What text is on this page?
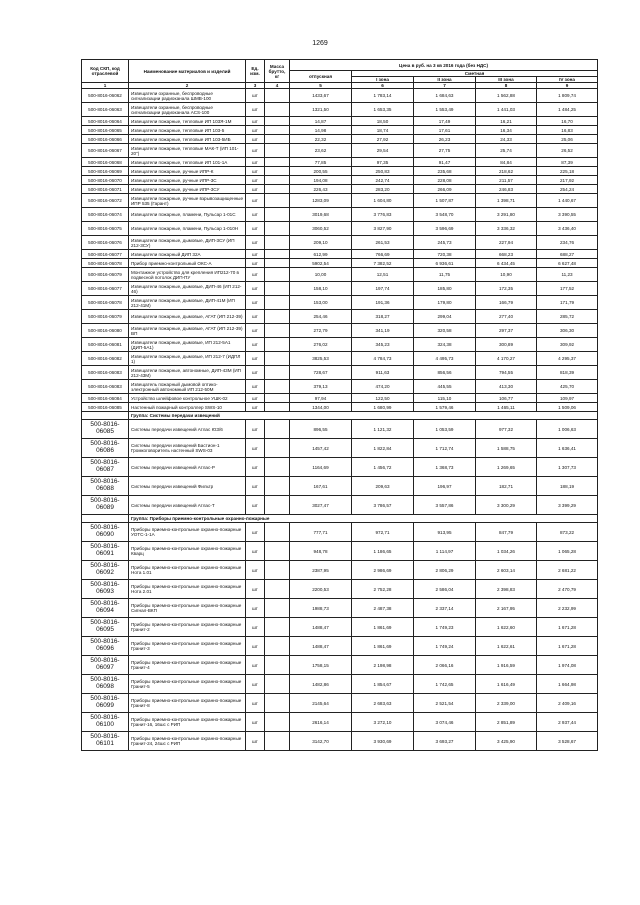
1269
Код СКП, код отраслевой	Наименование материалов и изделий	Ед. изм.	Масса брутто, кг	Цена в руб. на 3 кв 2016 года (без НДС)				
				отпускная	Сметная			
					I зона	II зона	III зона	IV зона
1	2	3	4	5	6	7	8	9
500-8016-06062	Извещатели охранные, беспроводные сигнализации радиоканала ШМВ-100	шт		1433,67	1 783,14	1 684,63	1 562,88	1 809,74
500-8016-06063	Извещатели охранные, беспроводные сигнализации радиоканала АСS-100	шт		1321,50	1 653,35	1 553,49	1 441,03	1 484,25
500-8016-06064	Извещатели пожарные, тепловые ИП 103Я-1М	шт		14,87	18,50	17,49	16,21	16,70
500-8016-06065	Извещатели пожарные, тепловые ИП 103-5	шт		14,98	18,74	17,61	16,34	16,83
500-8016-06066	Извещатели пожарные, тепловые ИП 103-5ИБ	шт		22,32	27,92	26,23	24,33	25,06
500-8016-06067	Извещатели пожарные, тепловые МАК-Т (ИП 101-20")	шт		23,62	29,54	27,75	25,74	26,52
500-8016-06068	Извещатели пожарные, тепловые ИП 101-1А	шт		77,85	97,35	91,47	84,84	87,39
500-8016-06069	Извещатели пожарные, ручные ИПР-К	шт		200,55	250,83	235,68	218,62	225,18
500-8016-06070	Извещатели пожарные, ручные ИПР-3С	шт		194,08	242,74	228,08	211,57	217,92
500-8016-06071	Извещатели пожарные, ручные ИПР-3СУ	шт		226,43	283,20	266,09	246,83	254,24
500-8016-06072	Извещатели пожарные, ручные взрывозащищенные ИПР 535 (Гарант)	шт		1283,09	1 604,80	1 507,87	1 398,71	1 440,67
500-8016-06074	Извещатели пожарные, пламени, Пульсар 1-01С	шт		3019,68	3 776,83	3 548,70	3 291,80	3 390,55
500-8016-06075	Извещатели пожарные, пламени, Пульсар 1-010Н	шт		3060,52	3 827,90	3 596,69	3 336,32	3 436,40
500-8016-06076	Извещатели пожарные, дымовые, ДИП-3СУ (ИП 212-3СУ)	шт		209,10	261,53	245,73	227,94	234,76
500-8016-06077	Извещатели пожарный ДИП 32А	шт		612,99	766,69	720,38	668,23	688,27
500-8016-06078	Прибор приемно-контрольный ОКС-А	шт		5902,54	7 382,52	6 936,61	6 434,45	6 627,48
500-8016-06079	Монтажное устройство для крепления ИП212-70 в подвесной потолок ДИП-ПУ	шт		10,00	12,51	11,75	10,90	11,23
500-8016-06077	Извещатели пожарные, дымовые, ДИП-46 (ИП 212-46)	шт		158,10	197,74	185,80	172,35	177,52
500-8016-06078	Извещатели пожарные, дымовые, ДИП-41М (ИП 212-41М)	шт		153,00	191,36	179,80	166,79	171,79
500-8016-06079	Извещатели пожарные, дымовые, АГАТ (ИП 212-39)	шт		254,46	318,27	299,04	277,40	285,72
500-8016-06080	Извещатели пожарные, дымовые, АГАТ (ИП 212-39) ВП	шт		272,79	341,19	320,58	297,37	306,30
500-8016-06081	Извещатели пожарные, дымовые, ИП 212-5А1 (ДИП-5А1)	шт		276,02	345,23	324,38	300,89	309,92
500-8016-06082	Извещатели пожарные, дымовые, ИП 212-7 (ИДПЛ 1)	шт		3825,53	4 784,73	4 495,73	4 170,27	4 295,37
500-8016-06083	Извещатели пожарные, автономные, ДИП-43М (ИП 212-43М)	шт		728,67	911,63	856,56	794,55	818,39
500-8016-06083	Извещатель пожарный дымовой оптико-электронный автономный ИП 212-50М	шт		379,13	474,20	445,55	413,30	425,70
500-8016-06084	Устройство шлейфовое контрольное УШК-02	шт		97,94	122,50	115,10	106,77	109,97
500-8016-06085	Настенный пожарный контроллер SWS-10	шт		1344,00	1 680,99	1 579,46	1 465,11	1 509,06
	Группа: Системы передачи извещений							
500-8016-06085	Системы передачи извещений Атлас ЮЗ/6	шт		896,55	1 121,32	1 053,59	977,32	1 006,63
500-8016-06086	Системы передачи извещений Бастион-1 Громкоговоритель настенный SWS-03	шт		1457,42	1 822,84	1 712,74	1 588,75	1 636,41
500-8016-06087	Системы передачи извещений Атлас-Р	шт		1164,69	1 456,72	1 368,73	1 269,65	1 307,73
500-8016-06088	Системы передачи извещений Фильтр	шт		167,61	209,63	196,97	182,71	188,19
500-8016-06089	Системы передачи извещений Атлас-Т	шт		3027,47	3 786,57	3 557,86	3 300,29	3 399,29
	Группа: Приборы приемно-контрольные охранно-пожарные							
500-8016-06090	Приборы приемно-контрольные охранно-пожарные УОТС-1-1А	шт		777,71	972,71	913,95	847,79	873,22
500-8016-06091	Приборы приемно-контрольные охранно-пожарные Кварц	шт		948,78	1 186,65	1 114,97	1 034,26	1 065,28
500-8016-06092	Приборы приемно-контрольные охранно-пожарные Нота 1.01	шт		2387,95	2 986,69	2 806,29	2 603,14	2 681,22
500-8016-06093	Приборы приемно-контрольные охранно-пожарные Нота 2.01	шт		2200,53	2 752,28	2 586,04	2 398,83	2 470,79
500-8016-06094	Приборы приемно-контрольные охранно-пожарные Сигнал-ВКП	шт		1988,73	2 487,38	2 337,14	2 167,95	2 232,99
500-8016-06095	Приборы приемно-контрольные охранно-пожарные Гранит-2	шт		1488,47	1 861,69	1 749,23	1 622,60	1 671,28
500-8016-06096	Приборы приемно-контрольные охранно-пожарные Гранит-3	шт		1488,47	1 861,69	1 749,24	1 622,61	1 671,28
500-8016-06097	Приборы приемно-контрольные охранно-пожарные Гранит-4	шт		1758,15	2 198,98	2 066,16	1 916,59	1 974,08
500-8016-06098	Приборы приемно-контрольные охранно-пожарные Гранит-5	шт		1482,86	1 854,67	1 742,65	1 616,49	1 664,98
500-8016-06099	Приборы приемно-контрольные охранно-пожарные Гранит-8	шт		2145,64	2 683,63	2 521,54	2 339,00	2 409,16
500-8016-06100	Приборы приемно-контрольные охранно-пожарные Гранит-16, 16шс с РИП	шт		2616,14	3 272,10	3 074,46	2 851,89	2 937,44
500-8016-06101	Приборы приемно-контрольные охранно-пожарные Гранит-24, 24шс с РИП	шт		3142,70	3 930,69	3 693,27	3 425,90	3 528,67
